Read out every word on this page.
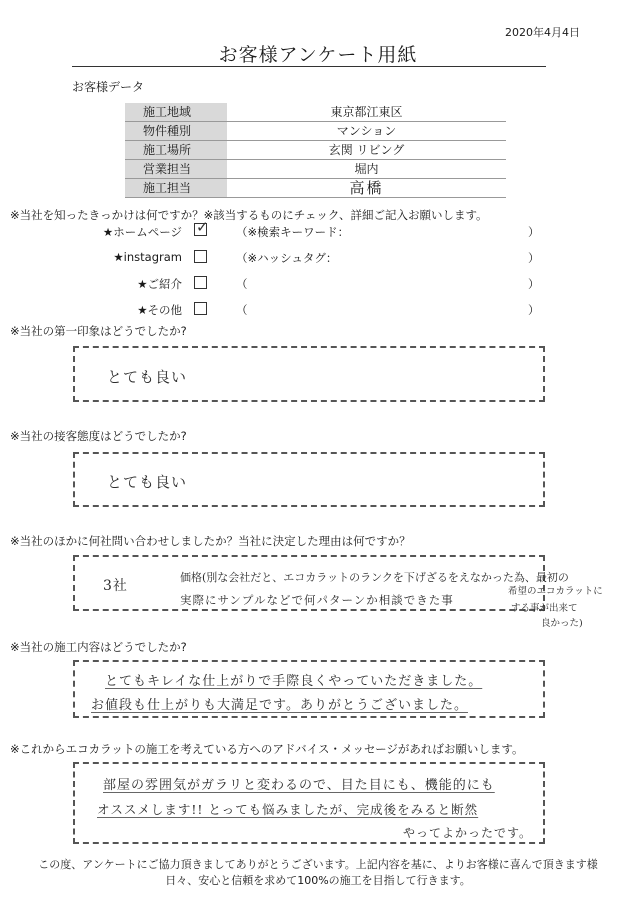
2020年4月4日
お客様アンケート用紙
お客様データ
施工地域	東京都江東区
物件種別	マンション
施工場所	玄関 リビング
営業担当	堀内
施工担当	高橋
※当社を知ったきっかけは何ですか？※該当するものにチェック、詳細ご記入お願いします。
★ホームページ ✓ （※検索キーワード：	）
★instagram	（※ハッシュタグ：	）
★ご紹介	（	）
★その他	（	）
※当社の第一印象はどうでしたか?
とても良い
※当社の接客態度はどうでしたか?
とても良い
※当社のほかに何社問い合わせしましたか？当社に決定した理由は何ですか？
3社
価格(別な会社だと、エコカラットのランクを下げざるをえなかった為、最初の
実際にサンプルなどで何パターンか相談できた事
希望のエコカラットに
する事が出来て
良かった)
※当社の施工内容はどうでしたか?
とてもキレイな仕上がりで手際良くやっていただきました。
お値段も仕上がりも大満足です。ありがとうございました。
※これからエコカラットの施工を考えている方へのアドバイス・メッセージがあればお願いします。
部屋の雰囲気がガラリと変わるので、目た目にも、機能的にも
オススメします!! とっても悩みましたが、完成後をみると断然
やってよかったです。
この度、アンケートにご協力頂きましてありがとうございます。上記内容を基に、よりお客様に喜んで頂きます様
日々、安心と信頼を求めて100%の施工を目指して行きます。
